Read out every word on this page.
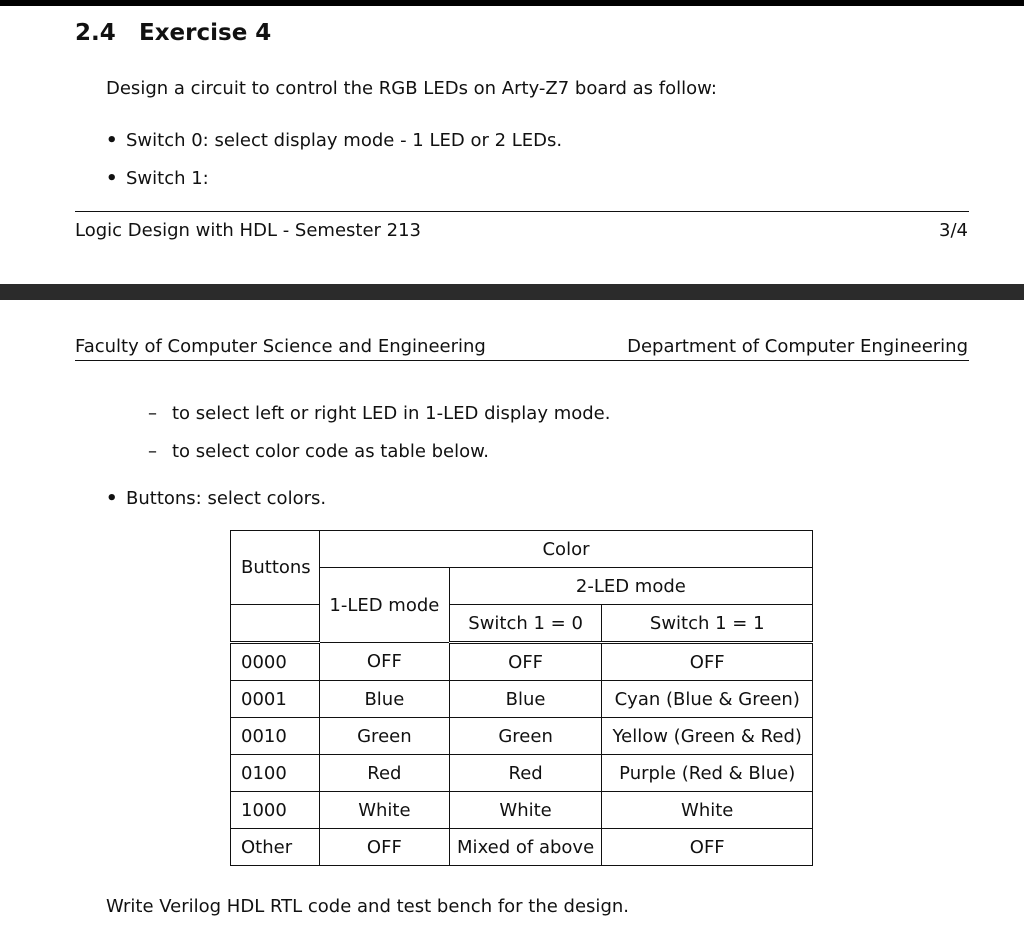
2.4 Exercise 4
Design a circuit to control the RGB LEDs on Arty-Z7 board as follow:
• Switch 0: select display mode - 1 LED or 2 LEDs.
• Switch 1:
Logic Design with HDL - Semester 213	3/4
Faculty of Computer Science and Engineering	Department of Computer Engineering
– to select left or right LED in 1-LED display mode.
– to select color code as table below.
• Buttons: select colors.
Buttons	Color		
	1-LED mode	2-LED mode	
		Switch 1 = 0	Switch 1 = 1
0000	OFF	OFF	OFF
0001	Blue	Blue	Cyan (Blue & Green)
0010	Green	Green	Yellow (Green & Red)
0100	Red	Red	Purple (Red & Blue)
1000	White	White	White
Other	OFF	Mixed of above	OFF
Write Verilog HDL RTL code and test bench for the design.
